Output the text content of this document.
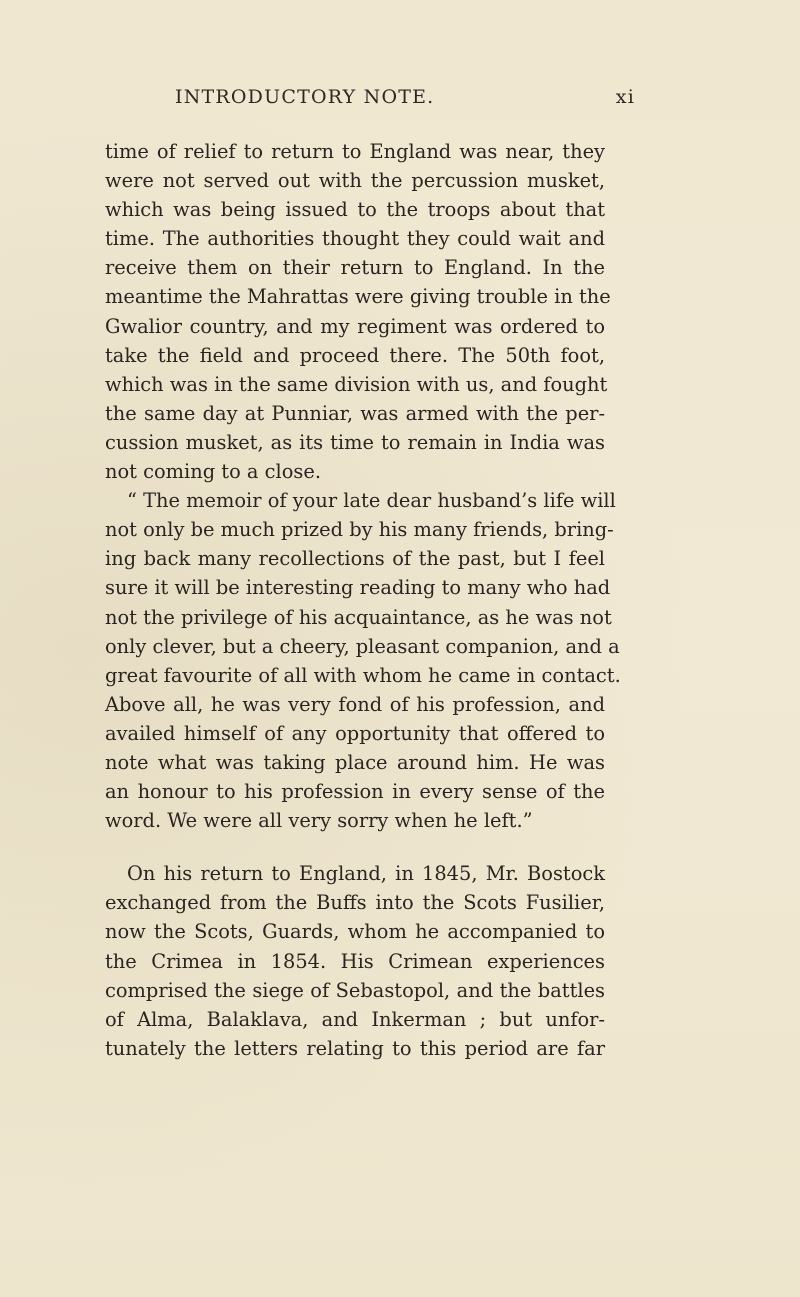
INTRODUCTORY NOTE.	xi
time of relief to return to England was near, they
were not served out with the percussion musket,
which was being issued to the troops about that
time. The authorities thought they could wait and
receive them on their return to England. In the
meantime the Mahrattas were giving trouble in the
Gwalior country, and my regiment was ordered to
take the field and proceed there. The 50th foot,
which was in the same division with us, and fought
the same day at Punniar, was armed with the per-
cussion musket, as its time to remain in India was
not coming to a close.
“ The memoir of your late dear husband’s life will
not only be much prized by his many friends, bring-
ing back many recollections of the past, but I feel
sure it will be interesting reading to many who had
not the privilege of his acquaintance, as he was not
only clever, but a cheery, pleasant companion, and a
great favourite of all with whom he came in contact.
Above all, he was very fond of his profession, and
availed himself of any opportunity that offered to
note what was taking place around him. He was
an honour to his profession in every sense of the
word. We were all very sorry when he left.”
On his return to England, in 1845, Mr. Bostock
exchanged from the Buffs into the Scots Fusilier,
now the Scots, Guards, whom he accompanied to
the Crimea in 1854. His Crimean experiences
comprised the siege of Sebastopol, and the battles
of Alma, Balaklava, and Inkerman ; but unfor-
tunately the letters relating to this period are far
